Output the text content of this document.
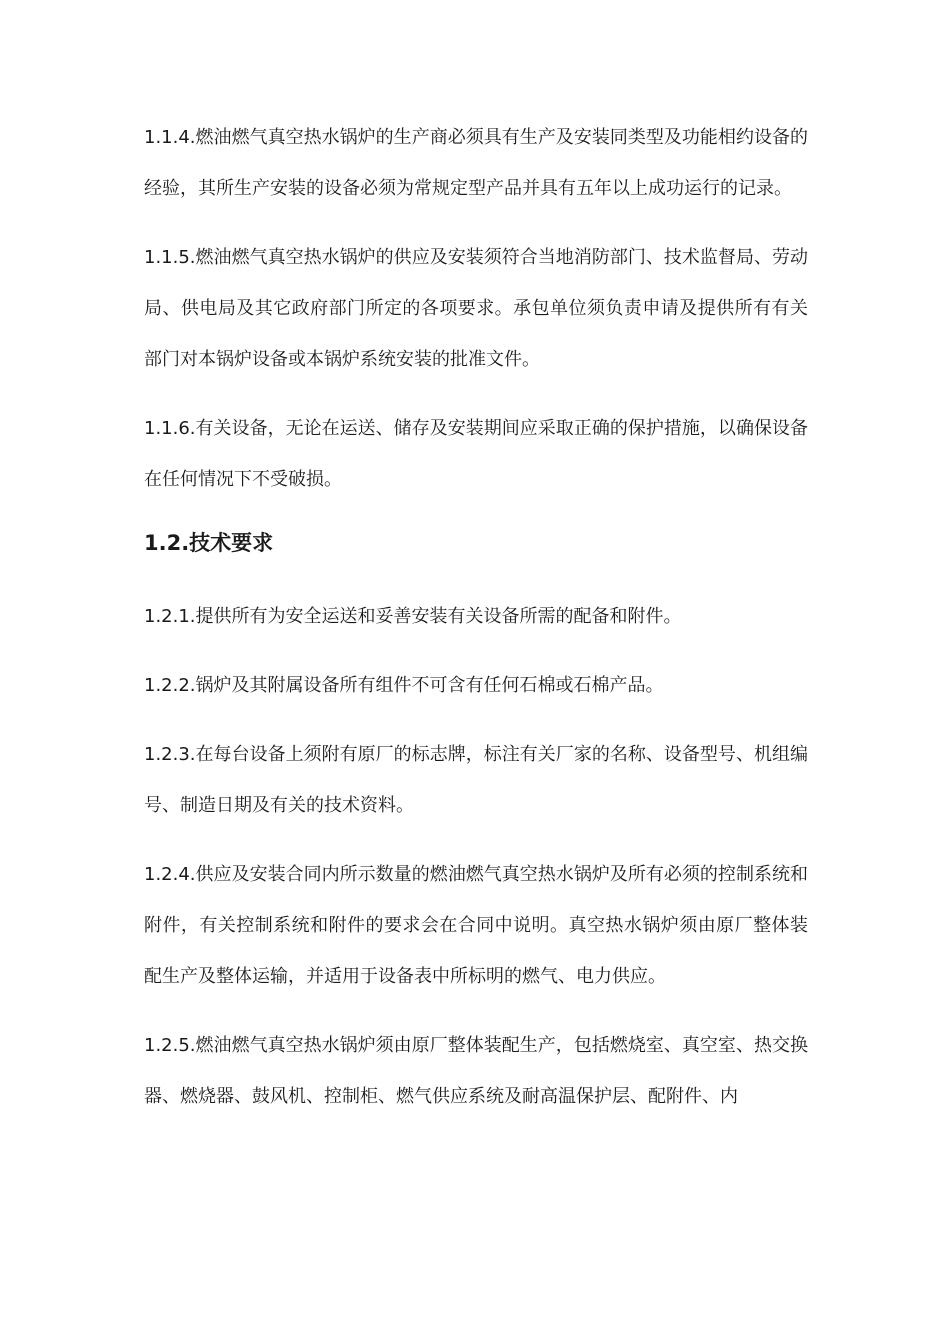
1.1.4.燃油燃气真空热水锅炉的生产商必须具有生产及安装同类型及功能相约设备的经验，其所生产安装的设备必须为常规定型产品并具有五年以上成功运行的记录。

1.1.5.燃油燃气真空热水锅炉的供应及安装须符合当地消防部门、技术监督局、劳动局、供电局及其它政府部门所定的各项要求。承包单位须负责申请及提供所有有关部门对本锅炉设备或本锅炉系统安装的批准文件。

1.1.6.有关设备，无论在运送、储存及安装期间应采取正确的保护措施，以确保设备在任何情况下不受破损。

1.2.技术要求

1.2.1.提供所有为安全运送和妥善安装有关设备所需的配备和附件。

1.2.2.锅炉及其附属设备所有组件不可含有任何石棉或石棉产品。

1.2.3.在每台设备上须附有原厂的标志牌，标注有关厂家的名称、设备型号、机组编号、制造日期及有关的技术资料。

1.2.4.供应及安装合同内所示数量的燃油燃气真空热水锅炉及所有必须的控制系统和附件，有关控制系统和附件的要求会在合同中说明。真空热水锅炉须由原厂整体装配生产及整体运输，并适用于设备表中所标明的燃气、电力供应。

1.2.5.燃油燃气真空热水锅炉须由原厂整体装配生产，包括燃烧室、真空室、热交换器、燃烧器、鼓风机、控制柜、燃气供应系统及耐高温保护层、配附件、内
